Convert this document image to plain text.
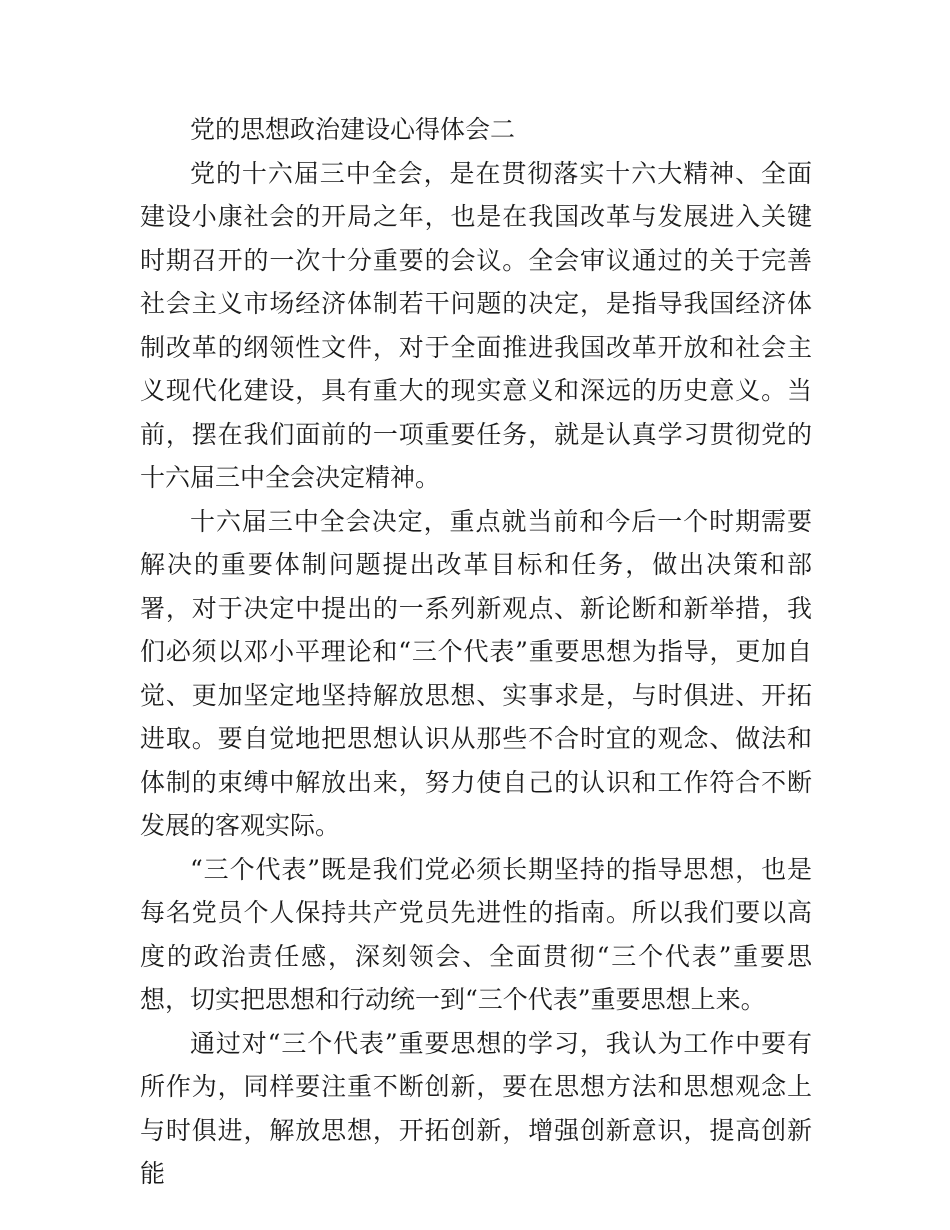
党的思想政治建设心得体会二

党的十六届三中全会，是在贯彻落实十六大精神、全面建设小康社会的开局之年，也是在我国改革与发展进入关键时期召开的一次十分重要的会议。全会审议通过的关于完善社会主义市场经济体制若干问题的决定，是指导我国经济体制改革的纲领性文件，对于全面推进我国改革开放和社会主义现代化建设，具有重大的现实意义和深远的历史意义。当前，摆在我们面前的一项重要任务，就是认真学习贯彻党的十六届三中全会决定精神。

十六届三中全会决定，重点就当前和今后一个时期需要解决的重要体制问题提出改革目标和任务，做出决策和部署，对于决定中提出的一系列新观点、新论断和新举措，我们必须以邓小平理论和“三个代表”重要思想为指导，更加自觉、更加坚定地坚持解放思想、实事求是，与时俱进、开拓进取。要自觉地把思想认识从那些不合时宜的观念、做法和体制的束缚中解放出来，努力使自己的认识和工作符合不断发展的客观实际。

“三个代表”既是我们党必须长期坚持的指导思想，也是每名党员个人保持共产党员先进性的指南。所以我们要以高度的政治责任感，深刻领会、全面贯彻“三个代表”重要思想，切实把思想和行动统一到“三个代表”重要思想上来。

通过对“三个代表”重要思想的学习，我认为工作中要有所作为，同样要注重不断创新，要在思想方法和思想观念上与时俱进，解放思想，开拓创新，增强创新意识，提高创新能
